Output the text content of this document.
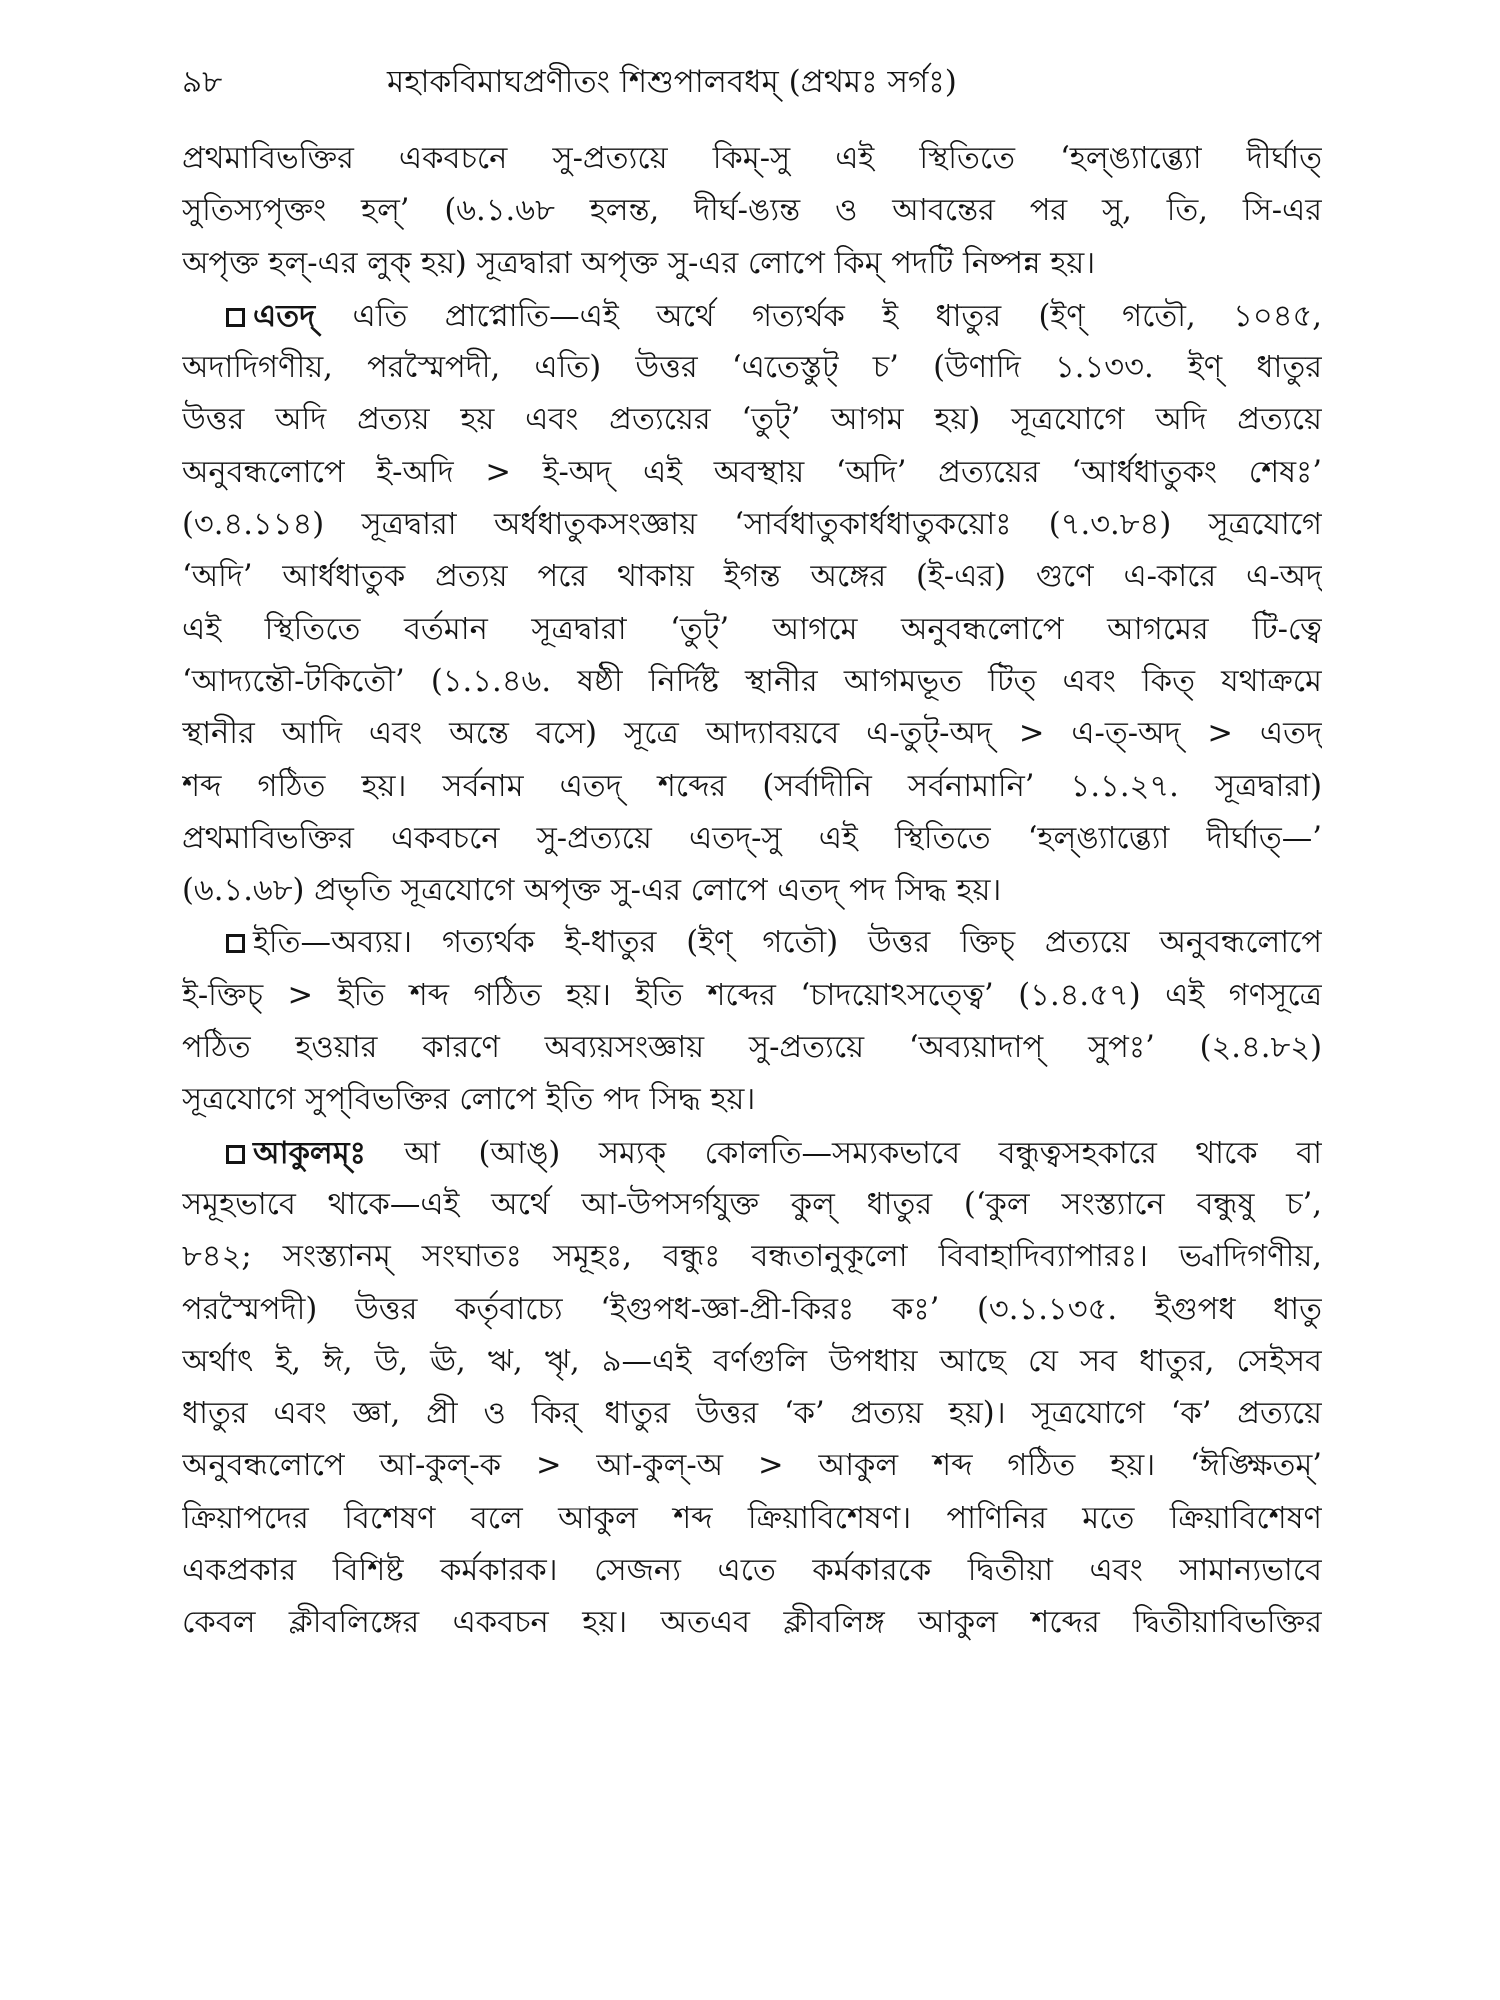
৯৮	মহাকবিমাঘপ্রণীতং শিশুপালবধম্ (প্রথমঃ সর্গঃ)
প্রথমাবিভক্তির একবচনে সু-প্রত্যয়ে কিম্-সু এই স্থিতিতে ‘হল্ঙ্যাব্ভ্যো দীর্ঘাত্
সুতিস্যপৃক্তং হল্’ (৬.১.৬৮ হলন্ত, দীর্ঘ-ঙ্যন্ত ও আবন্তের পর সু, তি, সি-এর
অপৃক্ত হল্-এর লুক্ হয়) সূত্রদ্বারা অপৃক্ত সু-এর লোপে কিম্ পদটি নিষ্পন্ন হয়।
এতদ্ এতি প্রাপ্নোতি—এই অর্থে গত্যর্থক ই ধাতুর (ইণ্ গতৌ, ১০৪৫,
অদাদিগণীয়, পরস্মৈপদী, এতি) উত্তর ‘এতেস্তুট্ চ’ (উণাদি ১.১৩৩. ইণ্ ধাতুর
উত্তর অদি প্রত্যয় হয় এবং প্রত্যয়ের ‘তুট্’ আগম হয়) সূত্রযোগে অদি প্রত্যয়ে
অনুবন্ধলোপে ই-অদি > ই-অদ্ এই অবস্থায় ‘অদি’ প্রত্যয়ের ‘আর্ধধাতুকং শেষঃ’
(৩.৪.১১৪) সূত্রদ্বারা অর্ধধাতুকসংজ্ঞায় ‘সার্বধাতুকার্ধধাতুকয়োঃ (৭.৩.৮৪) সূত্রযোগে
‘অদি’ আর্ধধাতুক প্রত্যয় পরে থাকায় ইগন্ত অঙ্গের (ই-এর) গুণে এ-কারে এ-অদ্
এই স্থিতিতে বর্তমান সূত্রদ্বারা ‘তুট্’ আগমে অনুবন্ধলোপে আগমের টি-ত্বে
‘আদ্যন্তৌ-টকিতৌ’ (১.১.৪৬. ষষ্ঠী নির্দিষ্ট স্থানীর আগমভূত টিত্ এবং কিত্ যথাক্রমে
স্থানীর আদি এবং অন্তে বসে) সূত্রে আদ্যাবয়বে এ-তুট্-অদ্ > এ-ত্-অদ্ > এতদ্
শব্দ গঠিত হয়। সর্বনাম এতদ্ শব্দের (সর্বাদীনি সর্বনামানি’ ১.১.২৭. সূত্রদ্বারা)
প্রথমাবিভক্তির একবচনে সু-প্রত্যয়ে এতদ্-সু এই স্থিতিতে ‘হল্ঙ্যাব্ভ্যো দীর্ঘাত্—’
(৬.১.৬৮) প্রভৃতি সূত্রযোগে অপৃক্ত সু-এর লোপে এতদ্ পদ সিদ্ধ হয়।
ইতি—অব্যয়। গত্যর্থক ই-ধাতুর (ইণ্ গতৌ) উত্তর ক্তিচ্ প্রত্যয়ে অনুবন্ধলোপে
ই-ক্তিচ্ > ইতি শব্দ গঠিত হয়। ইতি শব্দের ‘চাদয়োঽসত্ত্বে’ (১.৪.৫৭) এই গণসূত্রে
পঠিত হওয়ার কারণে অব্যয়সংজ্ঞায় সু-প্রত্যয়ে ‘অব্যয়াদাপ্ সুপঃ’ (২.৪.৮২)
সূত্রযোগে সুপ্‌বিভক্তির লোপে ইতি পদ সিদ্ধ হয়।
আকুলম্ঃ আ (আঙ্) সম্যক্ কোলতি—সম্যকভাবে বন্ধুত্বসহকারে থাকে বা
সমূহভাবে থাকে—এই অর্থে আ-উপসর্গযুক্ত কুল্ ধাতুর (‘কুল সংস্ত্যানে বন্ধুষু চ’,
৮৪২; সংস্ত্যানম্ সংঘাতঃ সমূহঃ, বন্ধুঃ বন্ধতানুকূলো বিবাহাদিব্যাপারঃ। ভ্বাদিগণীয়,
পরস্মৈপদী) উত্তর কর্তৃবাচ্যে ‘ইগুপধ-জ্ঞা-প্রী-কিরঃ কঃ’ (৩.১.১৩৫. ইগুপধ ধাতু
অর্থাৎ ই, ঈ, উ, ঊ, ঋ, ৠ, ৯—এই বর্ণগুলি উপধায় আছে যে সব ধাতুর, সেইসব
ধাতুর এবং জ্ঞা, প্রী ও কির্ ধাতুর উত্তর ‘ক’ প্রত্যয় হয়)। সূত্রযোগে ‘ক’ প্রত্যয়ে
অনুবন্ধলোপে আ-কুল্-ক > আ-কুল্-অ > আকুল শব্দ গঠিত হয়। ‘ঈঙ্ক্ষিতম্’
ক্রিয়াপদের বিশেষণ বলে আকুল শব্দ ক্রিয়াবিশেষণ। পাণিনির মতে ক্রিয়াবিশেষণ
একপ্রকার বিশিষ্ট কর্মকারক। সেজন্য এতে কর্মকারকে দ্বিতীয়া এবং সামান্যভাবে
কেবল ক্লীবলিঙ্গের একবচন হয়। অতএব ক্লীবলিঙ্গ আকুল শব্দের দ্বিতীয়াবিভক্তির
